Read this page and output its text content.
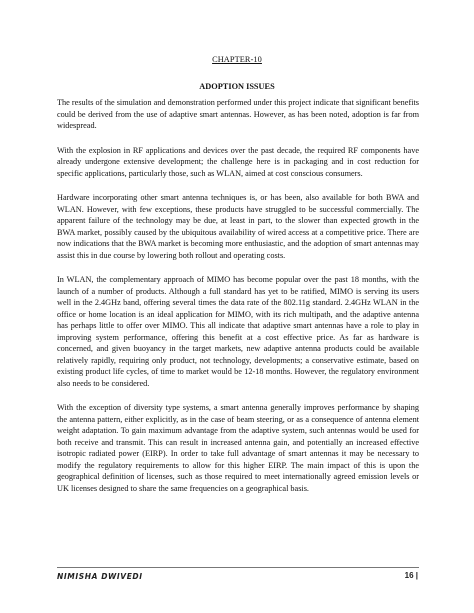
CHAPTER-10
ADOPTION ISSUES

The results of the simulation and demonstration performed under this project indicate that significant benefits could be derived from the use of adaptive smart antennas. However, as has been noted, adoption is far from widespread.

With the explosion in RF applications and devices over the past decade, the required RF components have already undergone extensive development; the challenge here is in packaging and in cost reduction for specific applications, particularly those, such as WLAN, aimed at cost conscious consumers.

Hardware incorporating other smart antenna techniques is, or has been, also available for both BWA and WLAN. However, with few exceptions, these products have struggled to be successful commercially. The apparent failure of the technology may be due, at least in part, to the slower than expected growth in the BWA market, possibly caused by the ubiquitous availability of wired access at a competitive price. There are now indications that the BWA market is becoming more enthusiastic, and the adoption of smart antennas may assist this in due course by lowering both rollout and operating costs.

In WLAN, the complementary approach of MIMO has become popular over the past 18 months, with the launch of a number of products. Although a full standard has yet to be ratified, MIMO is serving its users well in the 2.4GHz band, offering several times the data rate of the 802.11g standard. 2.4GHz WLAN in the office or home location is an ideal application for MIMO, with its rich multipath, and the adaptive antenna has perhaps little to offer over MIMO. This all indicate that adaptive smart antennas have a role to play in improving system performance, offering this benefit at a cost effective price. As far as hardware is concerned, and given buoyancy in the target markets, new adaptive antenna products could be available relatively rapidly, requiring only product, not technology, developments; a conservative estimate, based on existing product life cycles, of time to market would be 12-18 months. However, the regulatory environment also needs to be considered.

With the exception of diversity type systems, a smart antenna generally improves performance by shaping the antenna pattern, either explicitly, as in the case of beam steering, or as a consequence of antenna element weight adaptation. To gain maximum advantage from the adaptive system, such antennas would be used for both receive and transmit. This can result in increased antenna gain, and potentially an increased effective isotropic radiated power (EIRP). In order to take full advantage of smart antennas it may be necessary to modify the regulatory requirements to allow for this higher EIRP. The main impact of this is upon the geographical definition of licenses, such as those required to meet internationally agreed emission levels or UK licenses designed to share the same frequencies on a geographical basis.

NIMISHA DWIVEDI	16 |
